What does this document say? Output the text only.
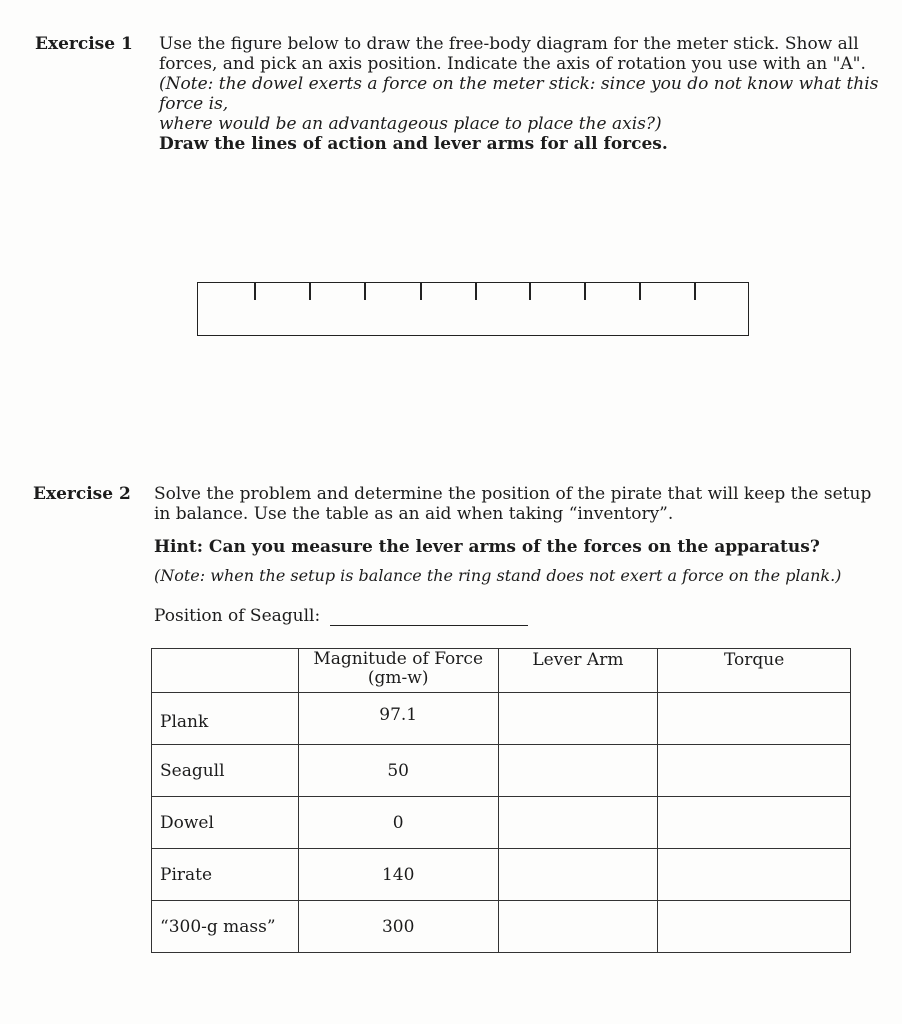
Exercise 1 Use the figure below to draw the free-body diagram for the meter stick. Show all

forces, and pick an axis position. Indicate the axis of rotation you use with an "A".

(Note: the dowel exerts a force on the meter stick: since you do not know what this force is,

where would be an advantageous place to place the axis?)

Draw the lines of action and lever arms for all forces.

Exercise 2 Solve the problem and determine the position of the pirate that will keep the setup

in balance. Use the table as an aid when taking “inventory”.

Hint: Can you measure the lever arms of the forces on the apparatus?
(Note: when the setup is balance the ring stand does not exert a force on the plank.)
Position of Seagull:

	Magnitude of Force
(gm-w)	Lever Arm	Torque
Plank	97.1		
Seagull	50		
Dowel	0		
Pirate	140		
“300-g mass”	300		
